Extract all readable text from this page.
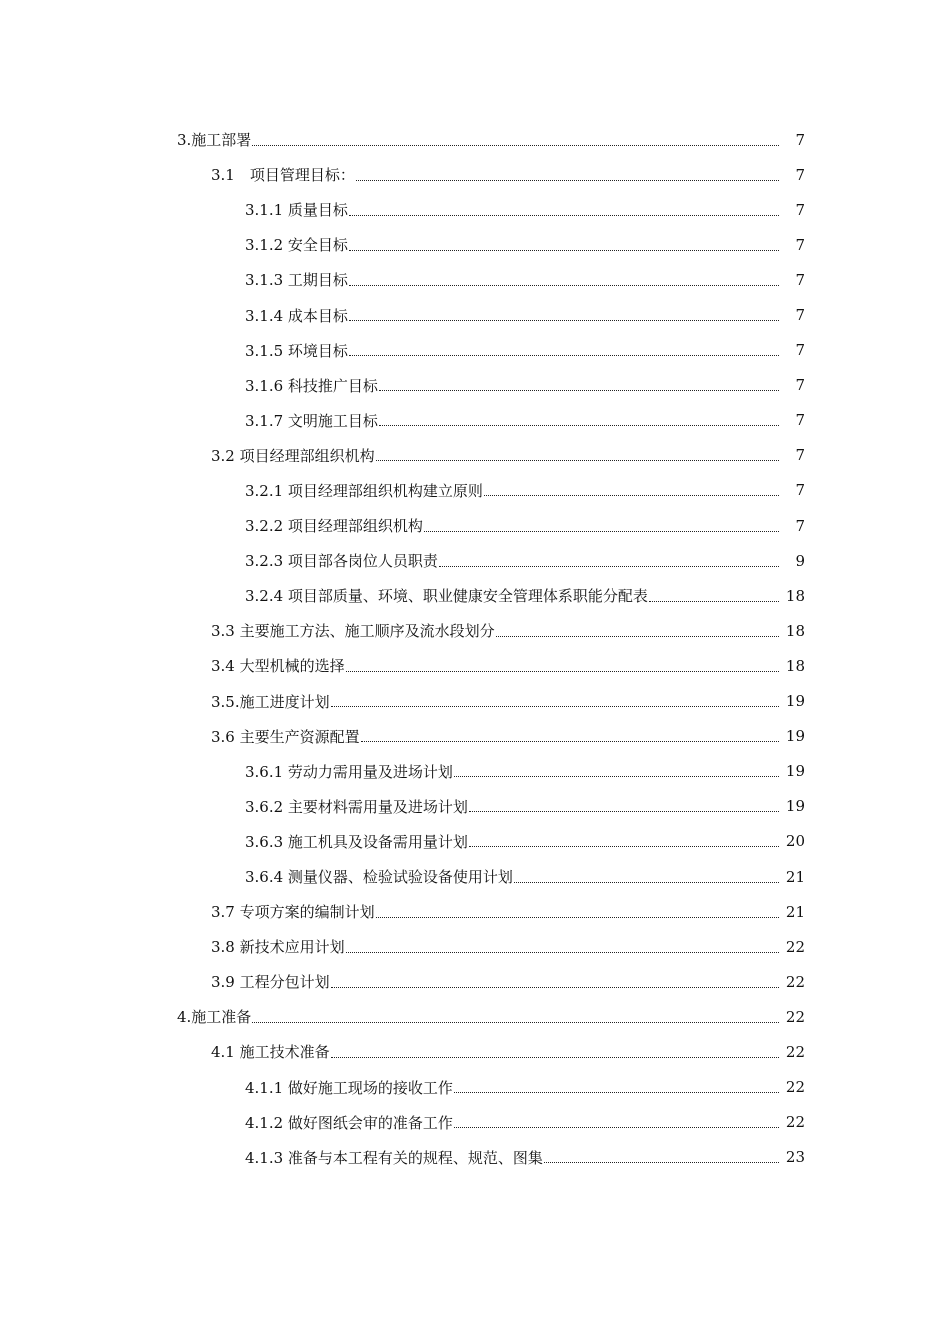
3.施工部署	7
3.1　项目管理目标：	7
3.1.1 质量目标	7
3.1.2 安全目标	7
3.1.3 工期目标	7
3.1.4 成本目标	7
3.1.5 环境目标	7
3.1.6 科技推广目标	7
3.1.7 文明施工目标	7
3.2 项目经理部组织机构	7
3.2.1 项目经理部组织机构建立原则	7
3.2.2 项目经理部组织机构	7
3.2.3 项目部各岗位人员职责	9
3.2.4 项目部质量、环境、职业健康安全管理体系职能分配表	18
3.3 主要施工方法、施工顺序及流水段划分	18
3.4 大型机械的选择	18
3.5.施工进度计划	19
3.6 主要生产资源配置	19
3.6.1 劳动力需用量及进场计划	19
3.6.2 主要材料需用量及进场计划	19
3.6.3 施工机具及设备需用量计划	20
3.6.4 测量仪器、检验试验设备使用计划	21
3.7 专项方案的编制计划	21
3.8 新技术应用计划	22
3.9 工程分包计划	22
4.施工准备	22
4.1 施工技术准备	22
4.1.1 做好施工现场的接收工作	22
4.1.2 做好图纸会审的准备工作	22
4.1.3 准备与本工程有关的规程、规范、图集	23
